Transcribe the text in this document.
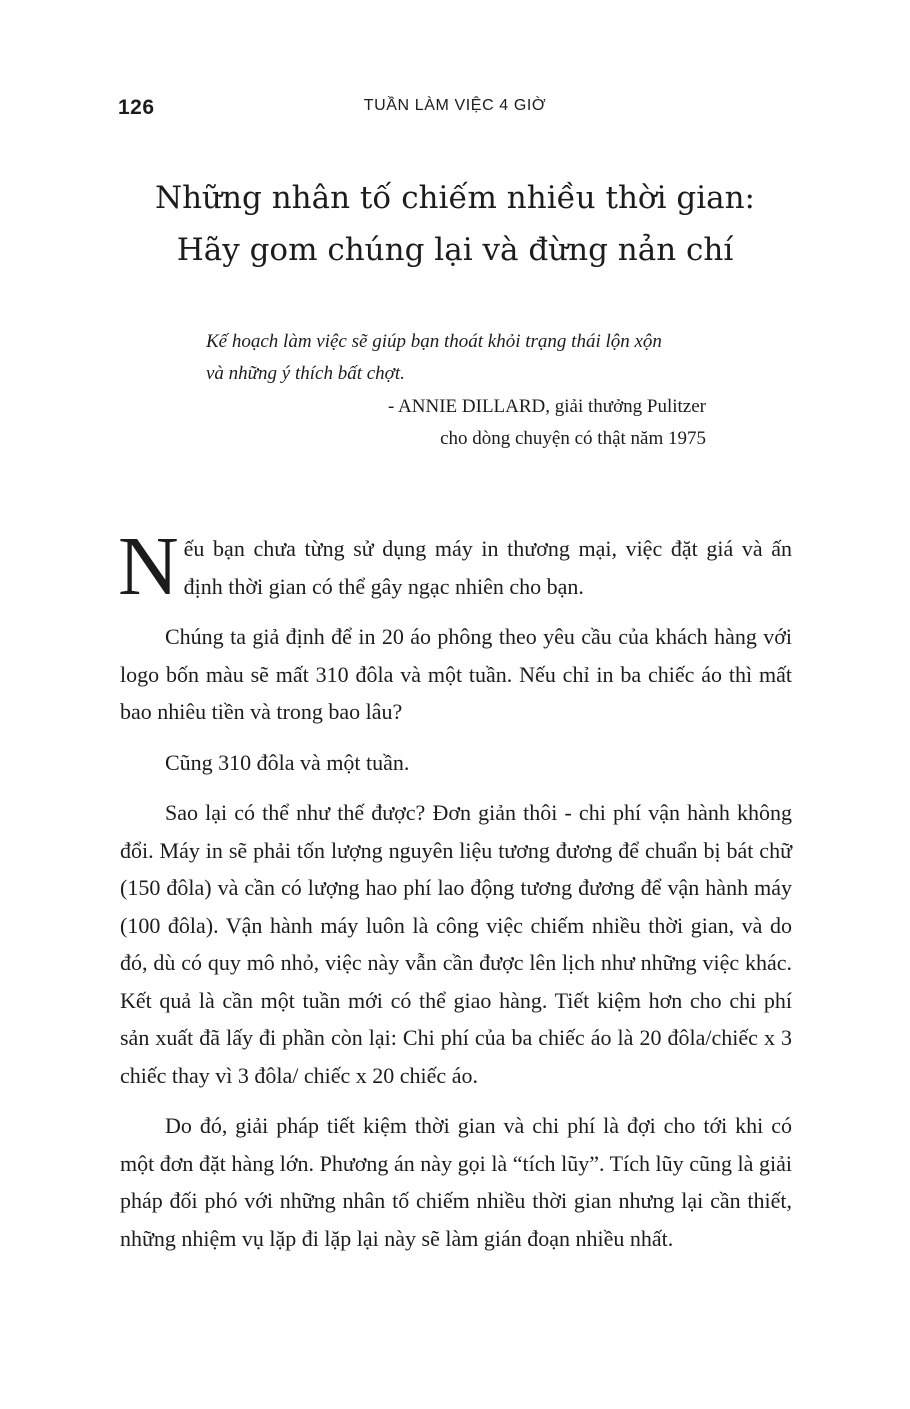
126	TUẦN LÀM VIỆC 4 GIỜ
Những nhân tố chiếm nhiều thời gian:
Hãy gom chúng lại và đừng nản chí
Kế hoạch làm việc sẽ giúp bạn thoát khỏi trạng thái lộn xộn
và những ý thích bất chợt.
- ANNIE DILLARD, giải thưởng Pulitzer
cho dòng chuyện có thật năm 1975

Nếu bạn chưa từng sử dụng máy in thương mại, việc đặt giá và ấn định thời gian có thể gây ngạc nhiên cho bạn.

Chúng ta giả định để in 20 áo phông theo yêu cầu của khách hàng với logo bốn màu sẽ mất 310 đôla và một tuần. Nếu chỉ in ba chiếc áo thì mất bao nhiêu tiền và trong bao lâu?

Cũng 310 đôla và một tuần.

Sao lại có thể như thế được? Đơn giản thôi - chi phí vận hành không đổi. Máy in sẽ phải tốn lượng nguyên liệu tương đương để chuẩn bị bát chữ (150 đôla) và cần có lượng hao phí lao động tương đương để vận hành máy (100 đôla). Vận hành máy luôn là công việc chiếm nhiều thời gian, và do đó, dù có quy mô nhỏ, việc này vẫn cần được lên lịch như những việc khác. Kết quả là cần một tuần mới có thể giao hàng. Tiết kiệm hơn cho chi phí sản xuất đã lấy đi phần còn lại: Chi phí của ba chiếc áo là 20 đôla/chiếc x 3 chiếc thay vì 3 đôla/ chiếc x 20 chiếc áo.

Do đó, giải pháp tiết kiệm thời gian và chi phí là đợi cho tới khi có một đơn đặt hàng lớn. Phương án này gọi là “tích lũy”. Tích lũy cũng là giải pháp đối phó với những nhân tố chiếm nhiều thời gian nhưng lại cần thiết, những nhiệm vụ lặp đi lặp lại này sẽ làm gián đoạn nhiều nhất.
